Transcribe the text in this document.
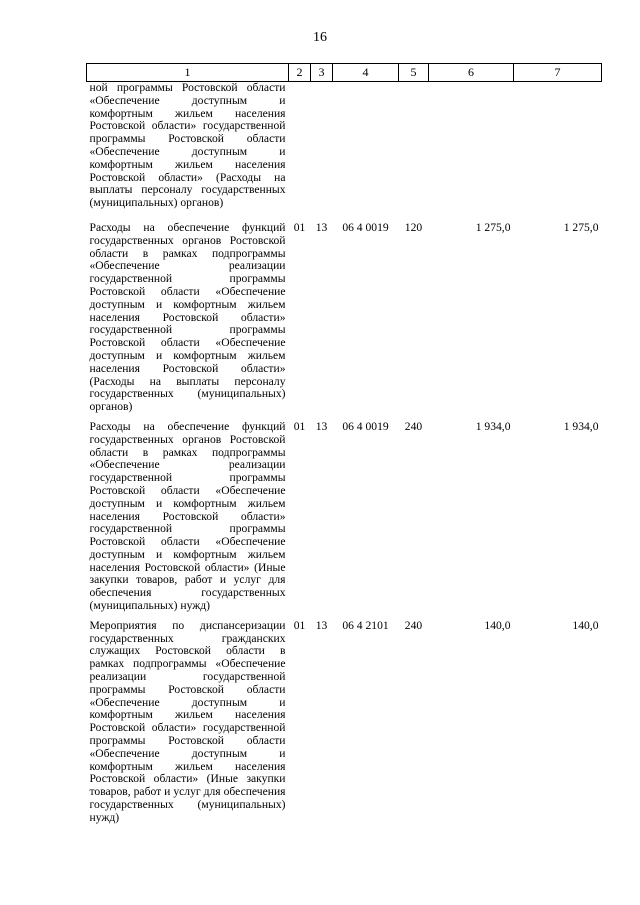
16
1	2	3	4	5	6	7
ной программы Ростовской области «Обеспечение доступным и комфортным жильем населения Ростовской области» государственной программы Ростовской области «Обеспечение доступным и комфортным жильем населения Ростовской области» (Расходы на выплаты персоналу государственных (муниципальных) органов)						
Расходы на обеспечение функций государственных органов Ростовской области в рамках подпрограммы «Обеспечение реализации государственной программы Ростовской области «Обеспечение доступным и комфортным жильем населения Ростовской области» государственной программы Ростовской области «Обеспечение доступным и комфортным жильем населения Ростовской области» (Расходы на выплаты персоналу государственных (муниципальных) органов)	01	13	06 4 0019	120	1 275,0	1 275,0
Расходы на обеспечение функций государственных органов Ростовской области в рамках подпрограммы «Обеспечение реализации государственной программы Ростовской области «Обеспечение доступным и комфортным жильем населения Ростовской области» государственной программы Ростовской области «Обеспечение доступным и комфортным жильем населения Ростовской области» (Иные закупки товаров, работ и услуг для обеспечения государственных (муниципальных) нужд)	01	13	06 4 0019	240	1 934,0	1 934,0
Мероприятия по диспансеризации государственных гражданских служащих Ростовской области в рамках подпрограммы «Обеспечение реализации государственной программы Ростовской области «Обеспечение доступным и комфортным жильем населения Ростовской области» государственной программы Ростовской области «Обеспечение доступным и комфортным жильем населения Ростовской области» (Иные закупки товаров, работ и услуг для обеспечения государственных (муниципальных) нужд)	01	13	06 4 2101	240	140,0	140,0
